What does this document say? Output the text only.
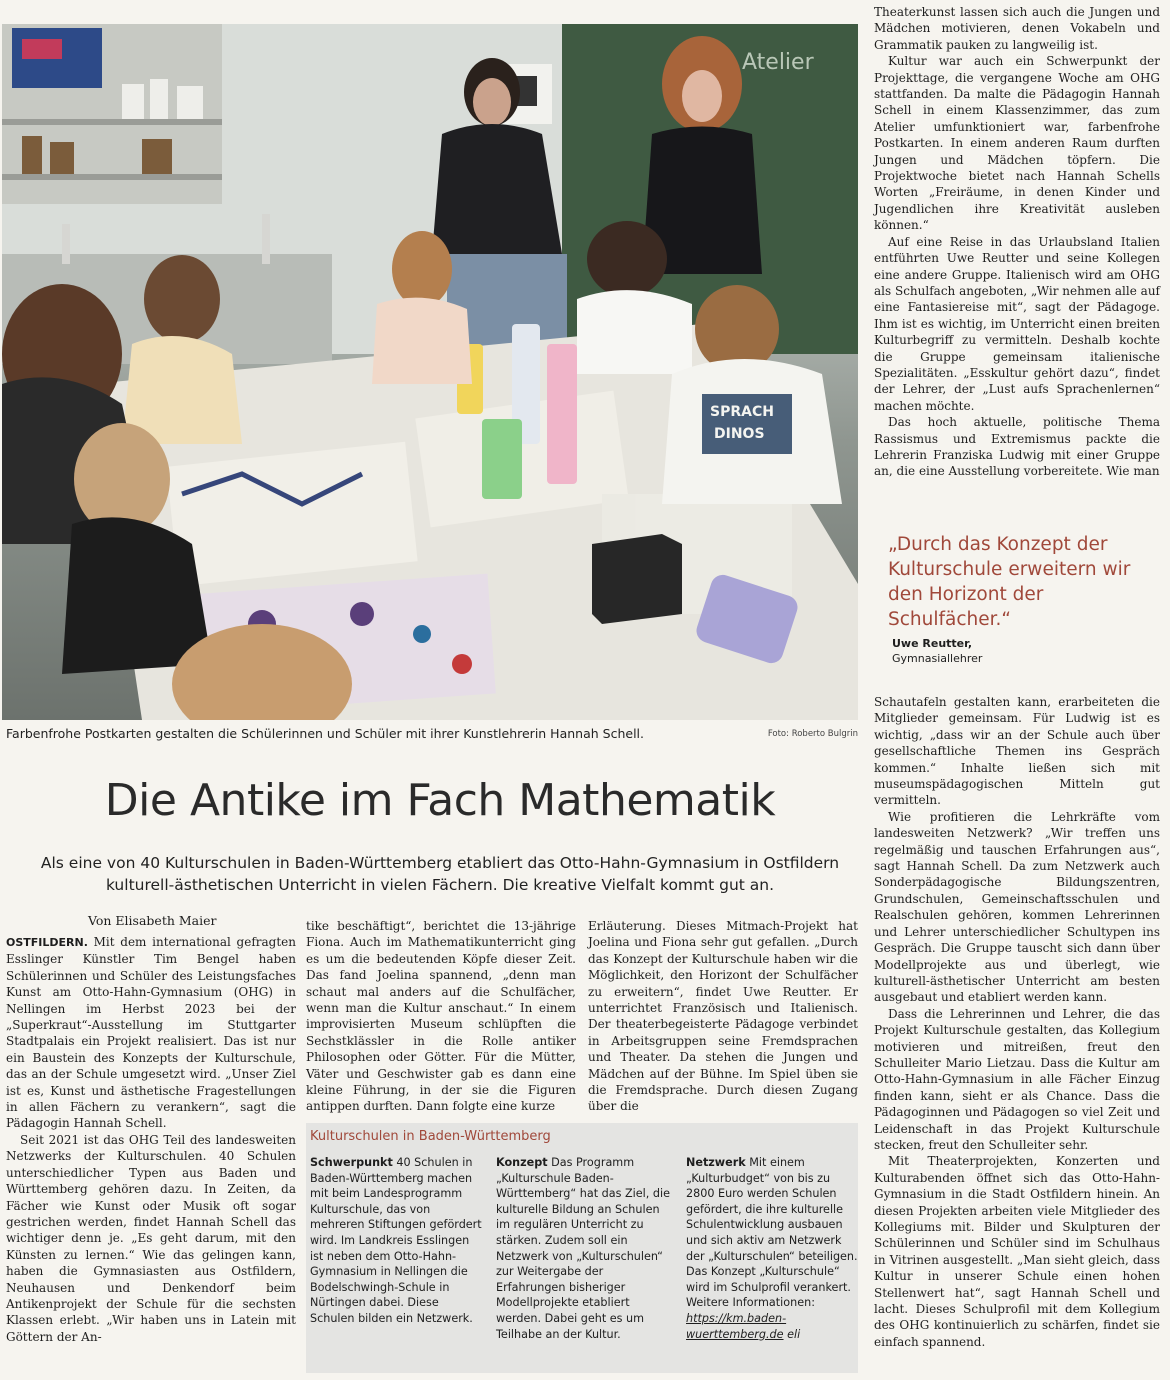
Atelier
SPRACH
DINOS
Farbenfrohe Postkarten gestalten die Schülerinnen und Schüler mit ihrer Kunstlehrerin Hannah Schell.	Foto: Roberto Bulgrin
Die Antike im Fach Mathematik
Als eine von 40 Kulturschulen in Baden-Württemberg etabliert das Otto-Hahn-Gymnasium in Ostfildern kulturell-ästhetischen Unterricht in vielen Fächern. Die kreative Vielfalt kommt gut an.
Von Elisabeth Maier

OSTFILDERN. Mit dem international gefragten Esslinger Künstler Tim Bengel haben Schülerinnen und Schüler des Leistungsfaches Kunst am Otto-Hahn-Gymnasium (OHG) in Nellingen im Herbst 2023 bei der „Superkraut“-Ausstellung im Stuttgarter Stadtpalais ein Projekt realisiert. Das ist nur ein Baustein des Konzepts der Kulturschule, das an der Schule umgesetzt wird. „Unser Ziel ist es, Kunst und ästhetische Fragestellungen in allen Fächern zu verankern“, sagt die Pädagogin Hannah Schell.

Seit 2021 ist das OHG Teil des landesweiten Netzwerks der Kulturschulen. 40 Schulen unterschiedlicher Typen aus Baden und Württemberg gehören dazu. In Zeiten, da Fächer wie Kunst oder Musik oft sogar gestrichen werden, findet Hannah Schell das wichtiger denn je. „Es geht darum, mit den Künsten zu lernen.“ Wie das gelingen kann, haben die Gymnasiasten aus Ostfildern, Neuhausen und Denkendorf beim Antikenprojekt der Schule für die sechsten Klassen erlebt. „Wir haben uns in Latein mit Göttern der An-

tike beschäftigt“, berichtet die 13-jährige Fiona. Auch im Mathematikunterricht ging es um die bedeutenden Köpfe dieser Zeit. Das fand Joelina spannend, „denn man schaut mal anders auf die Schulfächer, wenn man die Kultur anschaut.“ In einem improvisierten Museum schlüpften die Sechstklässler in die Rolle antiker Philosophen oder Götter. Für die Mütter, Väter und Geschwister gab es dann eine kleine Führung, in der sie die Figuren antippen durften. Dann folgte eine kurze

Erläuterung. Dieses Mitmach-Projekt hat Joelina und Fiona sehr gut gefallen. „Durch das Konzept der Kulturschule haben wir die Möglichkeit, den Horizont der Schulfächer zu erweitern“, findet Uwe Reutter. Er unterrichtet Französisch und Italienisch. Der theaterbegeisterte Pädagoge verbindet in Arbeitsgruppen seine Fremdsprachen und Theater. Da stehen die Jungen und Mädchen auf der Bühne. Im Spiel üben sie die Fremdsprache. Durch diesen Zugang über die

Kulturschulen in Baden-Württemberg
Schwerpunkt 40 Schulen in Baden-Württemberg machen mit beim Landesprogramm Kulturschule, das von mehreren Stiftungen gefördert wird. Im Landkreis Esslingen ist neben dem Otto-Hahn-Gymnasium in Nellingen die Bodelschwingh-Schule in Nürtingen dabei. Diese Schulen bilden ein Netzwerk.
Konzept Das Programm „Kulturschule Baden-Württemberg“ hat das Ziel, die kulturelle Bildung an Schulen im regulären Unterricht zu stärken. Zudem soll ein Netzwerk von „Kulturschulen“ zur Weitergabe der Erfahrungen bisheriger Modellprojekte etabliert werden. Dabei geht es um Teilhabe an der Kultur.
Netzwerk Mit einem „Kulturbudget“ von bis zu 2800 Euro werden Schulen gefördert, die ihre kulturelle Schulentwicklung ausbauen und sich aktiv am Netzwerk der „Kulturschulen“ beteiligen. Das Konzept „Kulturschule“ wird im Schulprofil verankert. Weitere Informationen: https://km.baden-wuerttemberg.de eli

Theaterkunst lassen sich auch die Jungen und Mädchen motivieren, denen Vokabeln und Grammatik pauken zu langweilig ist.

Kultur war auch ein Schwerpunkt der Projekttage, die vergangene Woche am OHG stattfanden. Da malte die Pädagogin Hannah Schell in einem Klassenzimmer, das zum Atelier umfunktioniert war, farbenfrohe Postkarten. In einem anderen Raum durften Jungen und Mädchen töpfern. Die Projektwoche bietet nach Hannah Schells Worten „Freiräume, in denen Kinder und Jugendlichen ihre Kreativität ausleben können.“

Auf eine Reise in das Urlaubsland Italien entführten Uwe Reutter und seine Kollegen eine andere Gruppe. Italienisch wird am OHG als Schulfach angeboten, „Wir nehmen alle auf eine Fantasiereise mit“, sagt der Pädagoge. Ihm ist es wichtig, im Unterricht einen breiten Kulturbegriff zu vermitteln. Deshalb kochte die Gruppe gemeinsam italienische Spezialitäten. „Esskultur gehört dazu“, findet der Lehrer, der „Lust aufs Sprachenlernen“ machen möchte.

Das hoch aktuelle, politische Thema Rassismus und Extremismus packte die Lehrerin Franziska Ludwig mit einer Gruppe an, die eine Ausstellung vorbereitete. Wie man

„Durch das Konzept der Kulturschule erweitern wir den Horizont der Schulfächer.“
Uwe Reutter,
Gymnasiallehrer

Schautafeln gestalten kann, erarbeiteten die Mitglieder gemeinsam. Für Ludwig ist es wichtig, „dass wir an der Schule auch über gesellschaftliche Themen ins Gespräch kommen.“ Inhalte ließen sich mit museumspädagogischen Mitteln gut vermitteln.

Wie profitieren die Lehrkräfte vom landesweiten Netzwerk? „Wir treffen uns regelmäßig und tauschen Erfahrungen aus“, sagt Hannah Schell. Da zum Netzwerk auch Sonderpädagogische Bildungszentren, Grundschulen, Gemeinschaftsschulen und Realschulen gehören, kommen Lehrerinnen und Lehrer unterschiedlicher Schultypen ins Gespräch. Die Gruppe tauscht sich dann über Modellprojekte aus und überlegt, wie kulturell-ästhetischer Unterricht am besten ausgebaut und etabliert werden kann.

Dass die Lehrerinnen und Lehrer, die das Projekt Kulturschule gestalten, das Kollegium motivieren und mitreißen, freut den Schulleiter Mario Lietzau. Dass die Kultur am Otto-Hahn-Gymnasium in alle Fächer Einzug finden kann, sieht er als Chance. Dass die Pädagoginnen und Pädagogen so viel Zeit und Leidenschaft in das Projekt Kulturschule stecken, freut den Schulleiter sehr.

Mit Theaterprojekten, Konzerten und Kulturabenden öffnet sich das Otto-Hahn-Gymnasium in die Stadt Ostfildern hinein. An diesen Projekten arbeiten viele Mitglieder des Kollegiums mit. Bilder und Skulpturen der Schülerinnen und Schüler sind im Schulhaus in Vitrinen ausgestellt. „Man sieht gleich, dass Kultur in unserer Schule einen hohen Stellenwert hat“, sagt Hannah Schell und lacht. Dieses Schulprofil mit dem Kollegium des OHG kontinuierlich zu schärfen, findet sie einfach spannend.
